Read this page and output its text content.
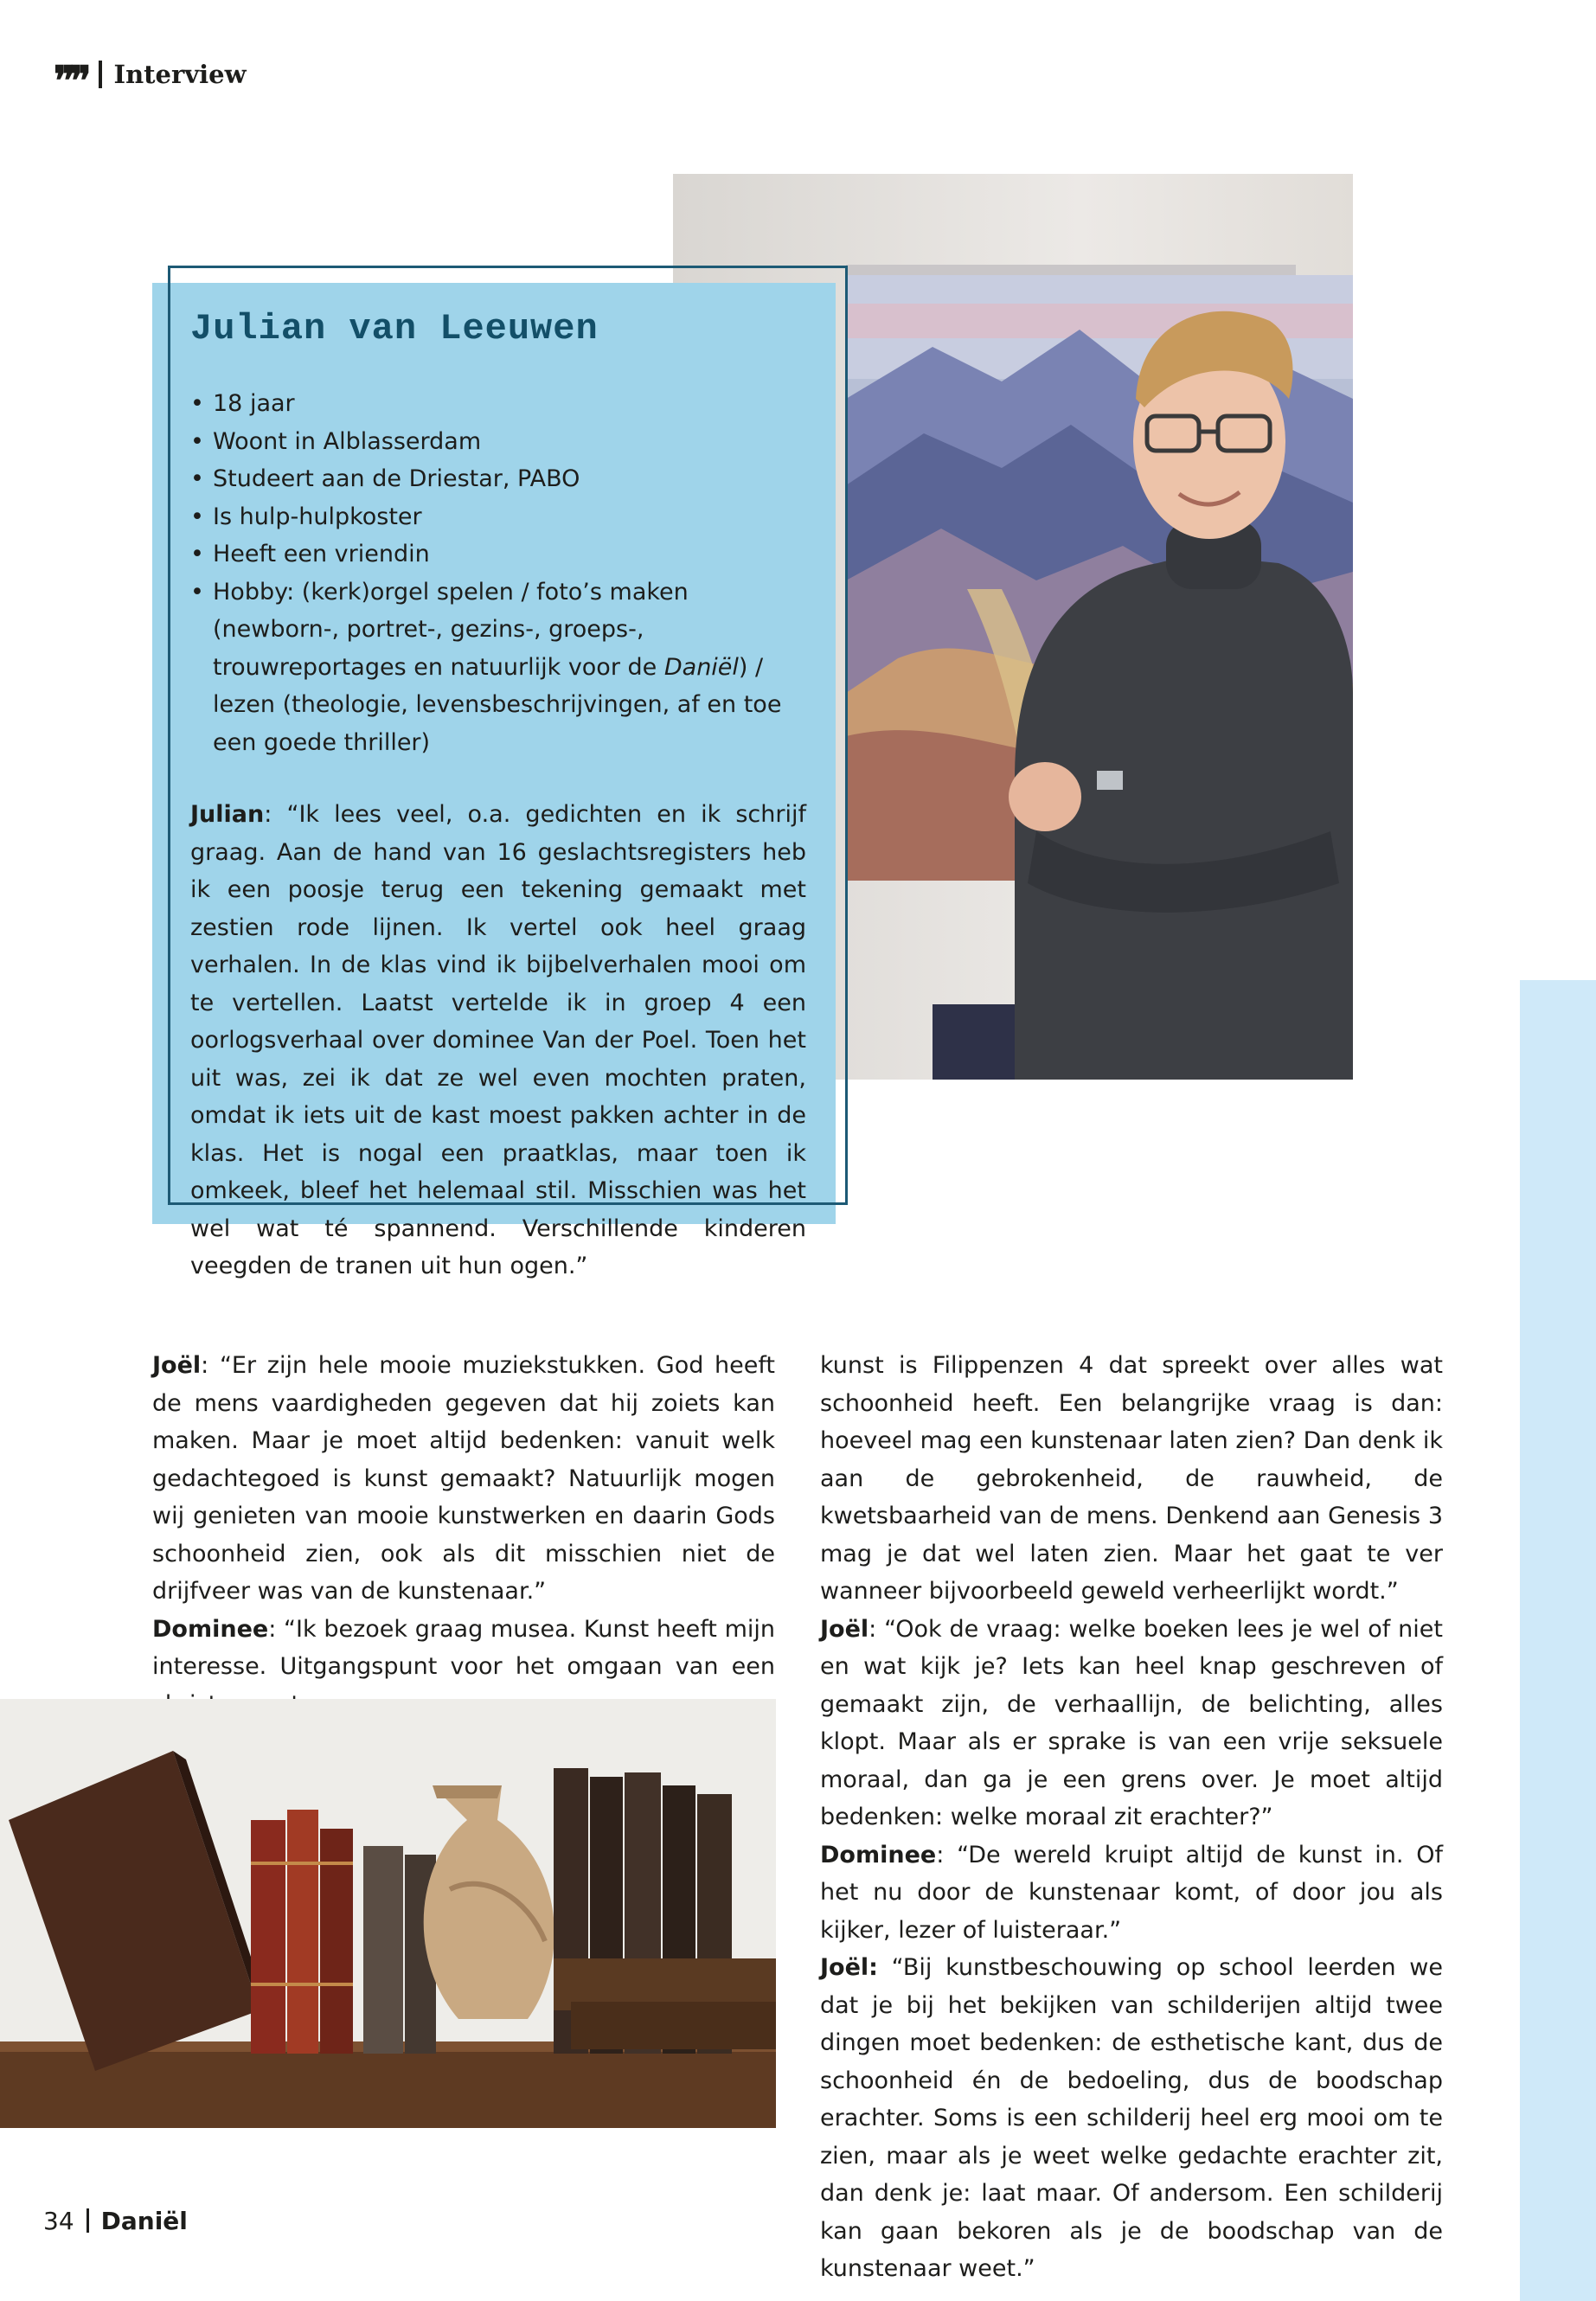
❞❞ Interview
Julian van Leeuwen
• 18 jaar
• Woont in Alblasserdam
• Studeert aan de Driestar, PABO
• Is hulp-hulpkoster
• Heeft een vriendin
• Hobby: (kerk)orgel spelen / foto’s maken (newborn-, portret-, gezins-, groeps-, trouwreportages en natuurlijk voor de Daniël) / lezen (theologie, levensbeschrijvingen, af en toe een goede thriller)

Julian: “Ik lees veel, o.a. gedichten en ik schrijf graag. Aan de hand van 16 geslachtsregisters heb ik een poosje terug een tekening gemaakt met zestien rode lijnen. Ik vertel ook heel graag verhalen. In de klas vind ik bijbelverhalen mooi om te vertellen. Laatst vertelde ik in groep 4 een oorlogsverhaal over dominee Van der Poel. Toen het uit was, zei ik dat ze wel even mochten praten, omdat ik iets uit de kast moest pakken achter in de klas. Het is nogal een praatklas, maar toen ik omkeek, bleef het helemaal stil. Misschien was het wel wat té spannend. Verschillende kinderen veegden de tranen uit hun ogen.”

Joël: “Er zijn hele mooie muziekstukken. God heeft de mens vaardigheden gegeven dat hij zoiets kan maken. Maar je moet altijd bedenken: vanuit welk gedachtegoed is kunst gemaakt? Natuurlijk mogen wij genieten van mooie kunstwerken en daarin Gods schoonheid zien, ook als dit misschien niet de drijfveer was van de kunstenaar.”

Dominee: “Ik bezoek graag musea. Kunst heeft mijn interesse. Uitgangspunt voor het omgaan van een

kunst is Filippenzen 4 dat spreekt over alles wat schoonheid heeft. Een belangrijke vraag is dan: hoeveel mag een kunstenaar laten zien? Dan denk ik aan de gebrokenheid, de rauwheid, de kwetsbaarheid van de mens. Denkend aan Genesis 3 mag je dat wel laten zien. Maar het gaat te ver wanneer bijvoorbeeld geweld verheerlijkt wordt.”

Joël: “Ook de vraag: welke boeken lees je wel of niet en wat kijk je? Iets kan heel knap geschreven of gemaakt zijn, de verhaallijn, de belichting, alles klopt. Maar als er sprake is van een vrije seksuele moraal, dan ga je een grens over. Je moet altijd bedenken: welke moraal zit erachter?”

Dominee: “De wereld kruipt altijd de kunst in. Of het nu door de kunstenaar komt, of door jou als kijker, lezer of luisteraar.”

Joël: “Bij kunstbeschouwing op school leerden we dat je bij het bekijken van schilderijen altijd twee dingen moet bedenken: de esthetische kant, dus de schoonheid én de bedoeling, dus de boodschap erachter. Soms is een schilderij heel erg mooi om te zien, maar als je weet welke gedachte erachter zit, dan denk je: laat maar. Of andersom. Een schilderij kan gaan bekoren als je de boodschap van de kunstenaar weet.”

34 Daniël
